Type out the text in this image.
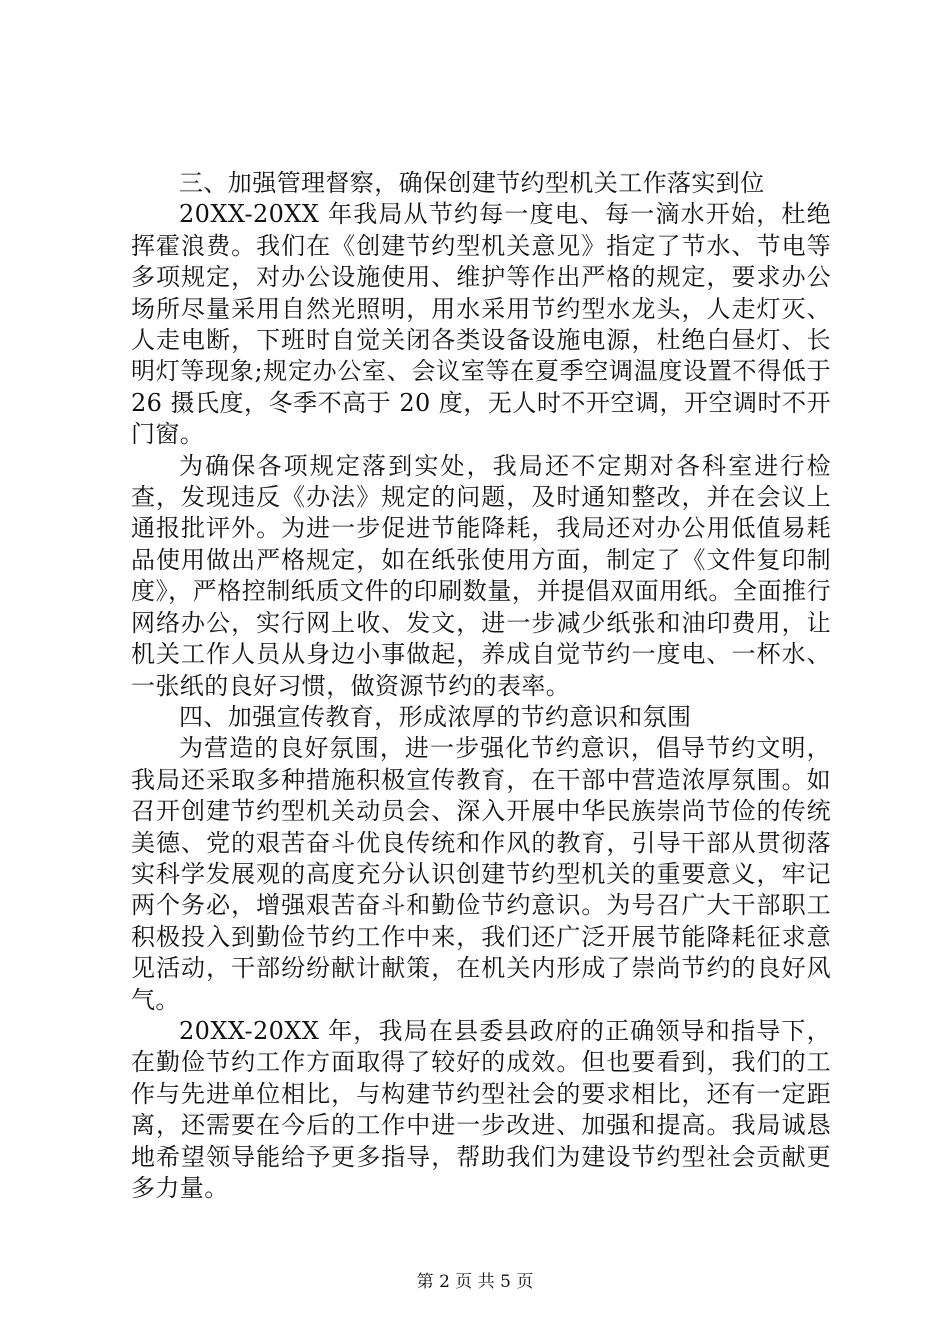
三、加强管理督察，确保创建节约型机关工作落实到位

20XX-20XX 年我局从节约每一度电、每一滴水开始，杜绝挥霍浪费。我们在《创建节约型机关意见》指定了节水、节电等多项规定，对办公设施使用、维护等作出严格的规定，要求办公场所尽量采用自然光照明，用水采用节约型水龙头，人走灯灭、人走电断，下班时自觉关闭各类设备设施电源，杜绝白昼灯、长明灯等现象;规定办公室、会议室等在夏季空调温度设置不得低于 26 摄氏度，冬季不高于 20 度，无人时不开空调，开空调时不开门窗。

为确保各项规定落到实处，我局还不定期对各科室进行检查，发现违反《办法》规定的问题，及时通知整改，并在会议上通报批评外。为进一步促进节能降耗，我局还对办公用低值易耗品使用做出严格规定，如在纸张使用方面，制定了《文件复印制度》，严格控制纸质文件的印刷数量，并提倡双面用纸。全面推行网络办公，实行网上收、发文，进一步减少纸张和油印费用，让机关工作人员从身边小事做起，养成自觉节约一度电、一杯水、一张纸的良好习惯，做资源节约的表率。

四、加强宣传教育，形成浓厚的节约意识和氛围

为营造的良好氛围，进一步强化节约意识，倡导节约文明，我局还采取多种措施积极宣传教育，在干部中营造浓厚氛围。如召开创建节约型机关动员会、深入开展中华民族崇尚节俭的传统美德、党的艰苦奋斗优良传统和作风的教育，引导干部从贯彻落实科学发展观的高度充分认识创建节约型机关的重要意义，牢记两个务必，增强艰苦奋斗和勤俭节约意识。为号召广大干部职工积极投入到勤俭节约工作中来，我们还广泛开展节能降耗征求意见活动，干部纷纷献计献策，在机关内形成了崇尚节约的良好风气。

20XX-20XX 年，我局在县委县政府的正确领导和指导下，在勤俭节约工作方面取得了较好的成效。但也要看到，我们的工作与先进单位相比，与构建节约型社会的要求相比，还有一定距离，还需要在今后的工作中进一步改进、加强和提高。我局诚恳地希望领导能给予更多指导，帮助我们为建设节约型社会贡献更多力量。

第 2 页 共 5 页
